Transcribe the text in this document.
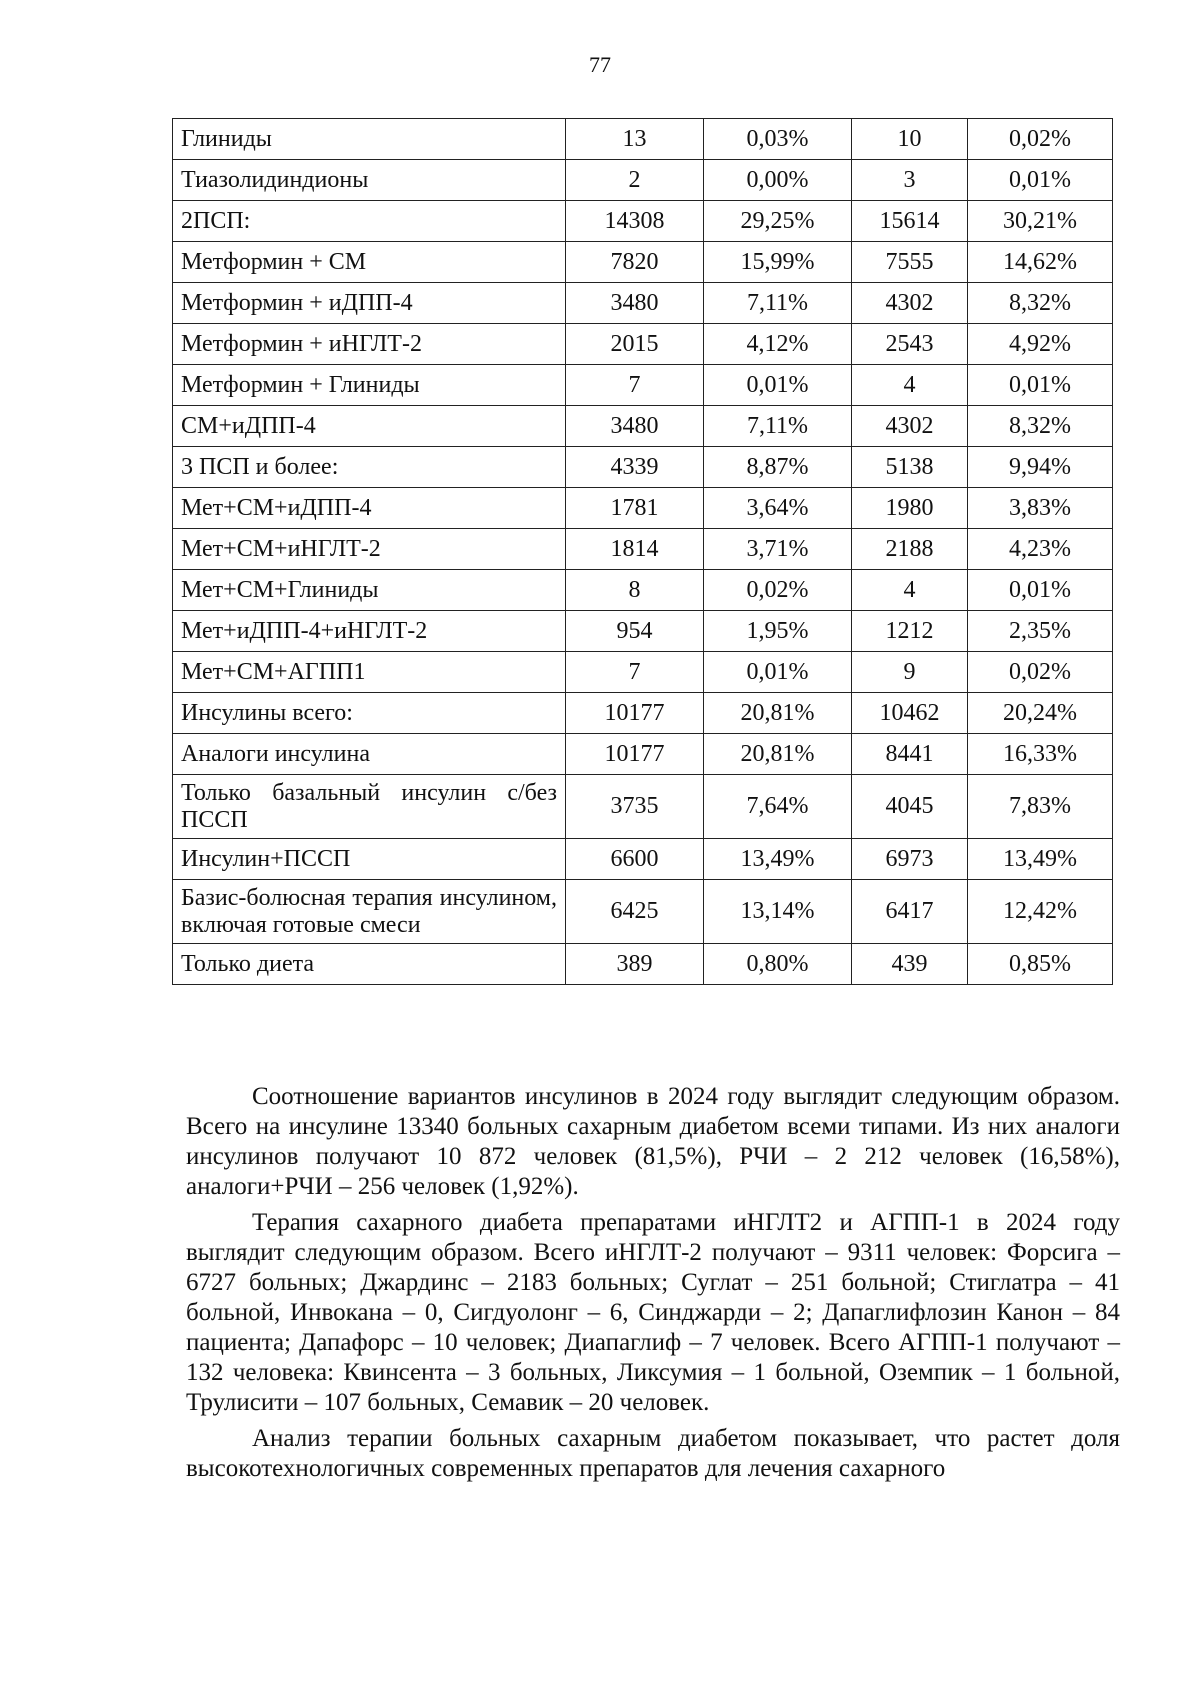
77
Глиниды	13	0,03%	10	0,02%
Тиазолидиндионы	2	0,00%	3	0,01%
2ПСП:	14308	29,25%	15614	30,21%
Метформин + СМ	7820	15,99%	7555	14,62%
Метформин + иДПП-4	3480	7,11%	4302	8,32%
Метформин + иНГЛТ-2	2015	4,12%	2543	4,92%
Метформин + Глиниды	7	0,01%	4	0,01%
СМ+иДПП-4	3480	7,11%	4302	8,32%
3 ПСП и более:	4339	8,87%	5138	9,94%
Мет+СМ+иДПП-4	1781	3,64%	1980	3,83%
Мет+СМ+иНГЛТ-2	1814	3,71%	2188	4,23%
Мет+СМ+Глиниды	8	0,02%	4	0,01%
Мет+иДПП-4+иНГЛТ-2	954	1,95%	1212	2,35%
Мет+СМ+АГПП1	7	0,01%	9	0,02%
Инсулины всего:	10177	20,81%	10462	20,24%
Аналоги инсулина	10177	20,81%	8441	16,33%
Только базальный инсулин с/без ПССП	3735	7,64%	4045	7,83%
Инсулин+ПССП	6600	13,49%	6973	13,49%
Базис-болюсная терапия инсулином, включая готовые смеси	6425	13,14%	6417	12,42%
Только диета	389	0,80%	439	0,85%

Соотношение вариантов инсулинов в 2024 году выглядит следующим образом. Всего на инсулине 13340 больных сахарным диабетом всеми типами. Из них аналоги инсулинов получают 10 872 человек (81,5%), РЧИ – 2 212 человек (16,58%), аналоги+РЧИ – 256 человек (1,92%).

Терапия сахарного диабета препаратами иНГЛТ2 и АГПП-1 в 2024 году выглядит следующим образом. Всего иНГЛТ-2 получают – 9311 человек: Форсига – 6727 больных; Джардинс – 2183 больных; Суглат – 251 больной; Стиглатра – 41 больной, Инвокана – 0, Сигдуолонг – 6, Синджарди – 2; Дапаглифлозин Канон – 84 пациента; Дапафорс – 10 человек; Диапаглиф – 7 человек. Всего АГПП-1 получают – 132 человека: Квинсента – 3 больных, Ликсумия – 1 больной, Оземпик – 1 больной, Трулисити – 107 больных, Семавик – 20 человек.

Анализ терапии больных сахарным диабетом показывает, что растет доля высокотехнологичных современных препаратов для лечения сахарного
